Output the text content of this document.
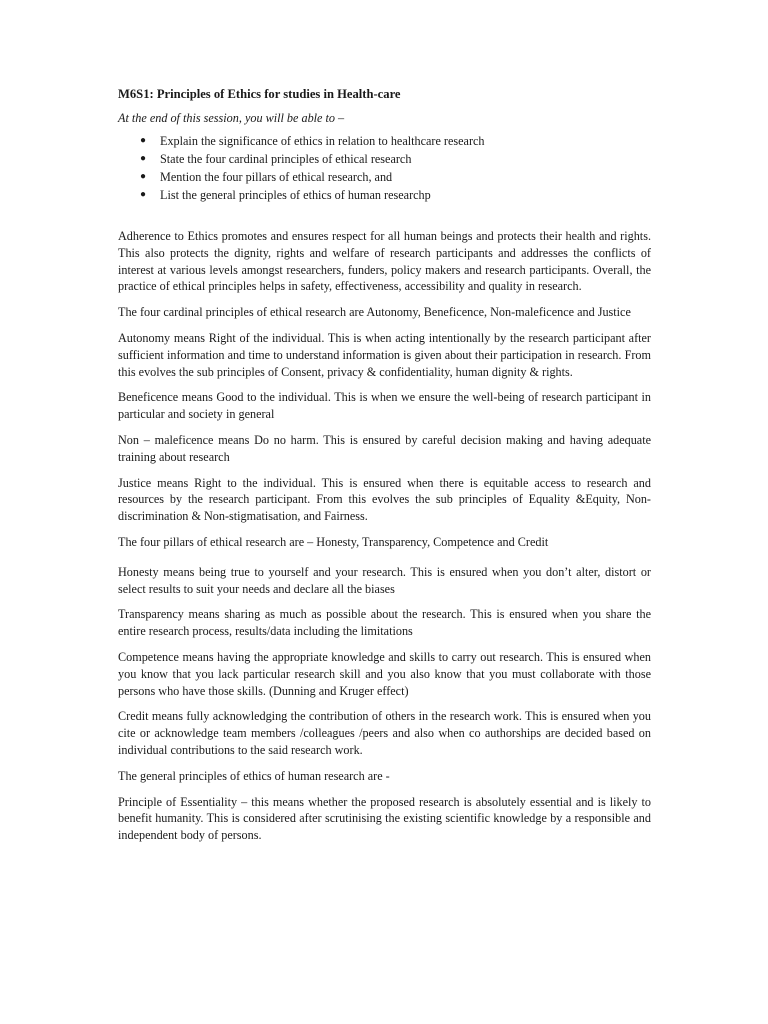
M6S1: Principles of Ethics for studies in Health-care
At the end of this session, you will be able to –
● Explain the significance of ethics in relation to healthcare research
● State the four cardinal principles of ethical research
● Mention the four pillars of ethical research, and
● List the general principles of ethics of human researchp

Adherence to Ethics promotes and ensures respect for all human beings and protects their health and rights. This also protects the dignity, rights and welfare of research participants and addresses the conflicts of interest at various levels amongst researchers, funders, policy makers and research participants. Overall, the practice of ethical principles helps in safety, effectiveness, accessibility and quality in research.

The four cardinal principles of ethical research are Autonomy, Beneficence, Non-maleficence and Justice

Autonomy means Right of the individual. This is when acting intentionally by the research participant after sufficient information and time to understand information is given about their participation in research. From this evolves the sub principles of Consent, privacy & confidentiality, human dignity & rights.

Beneficence means Good to the individual. This is when we ensure the well-being of research participant in particular and society in general

Non – maleficence means Do no harm. This is ensured by careful decision making and having adequate training about research

Justice means Right to the individual. This is ensured when there is equitable access to research and resources by the research participant. From this evolves the sub principles of Equality &Equity, Non-discrimination & Non-stigmatisation, and Fairness.

The four pillars of ethical research are – Honesty, Transparency, Competence and Credit

Honesty means being true to yourself and your research. This is ensured when you don’t alter, distort or select results to suit your needs and declare all the biases

Transparency means sharing as much as possible about the research. This is ensured when you share the entire research process, results/data including the limitations

Competence means having the appropriate knowledge and skills to carry out research. This is ensured when you know that you lack particular research skill and you also know that you must collaborate with those persons who have those skills. (Dunning and Kruger effect)

Credit means fully acknowledging the contribution of others in the research work. This is ensured when you cite or acknowledge team members /colleagues /peers and also when co authorships are decided based on individual contributions to the said research work.

The general principles of ethics of human research are -

Principle of Essentiality – this means whether the proposed research is absolutely essential and is likely to benefit humanity. This is considered after scrutinising the existing scientific knowledge by a responsible and independent body of persons.
